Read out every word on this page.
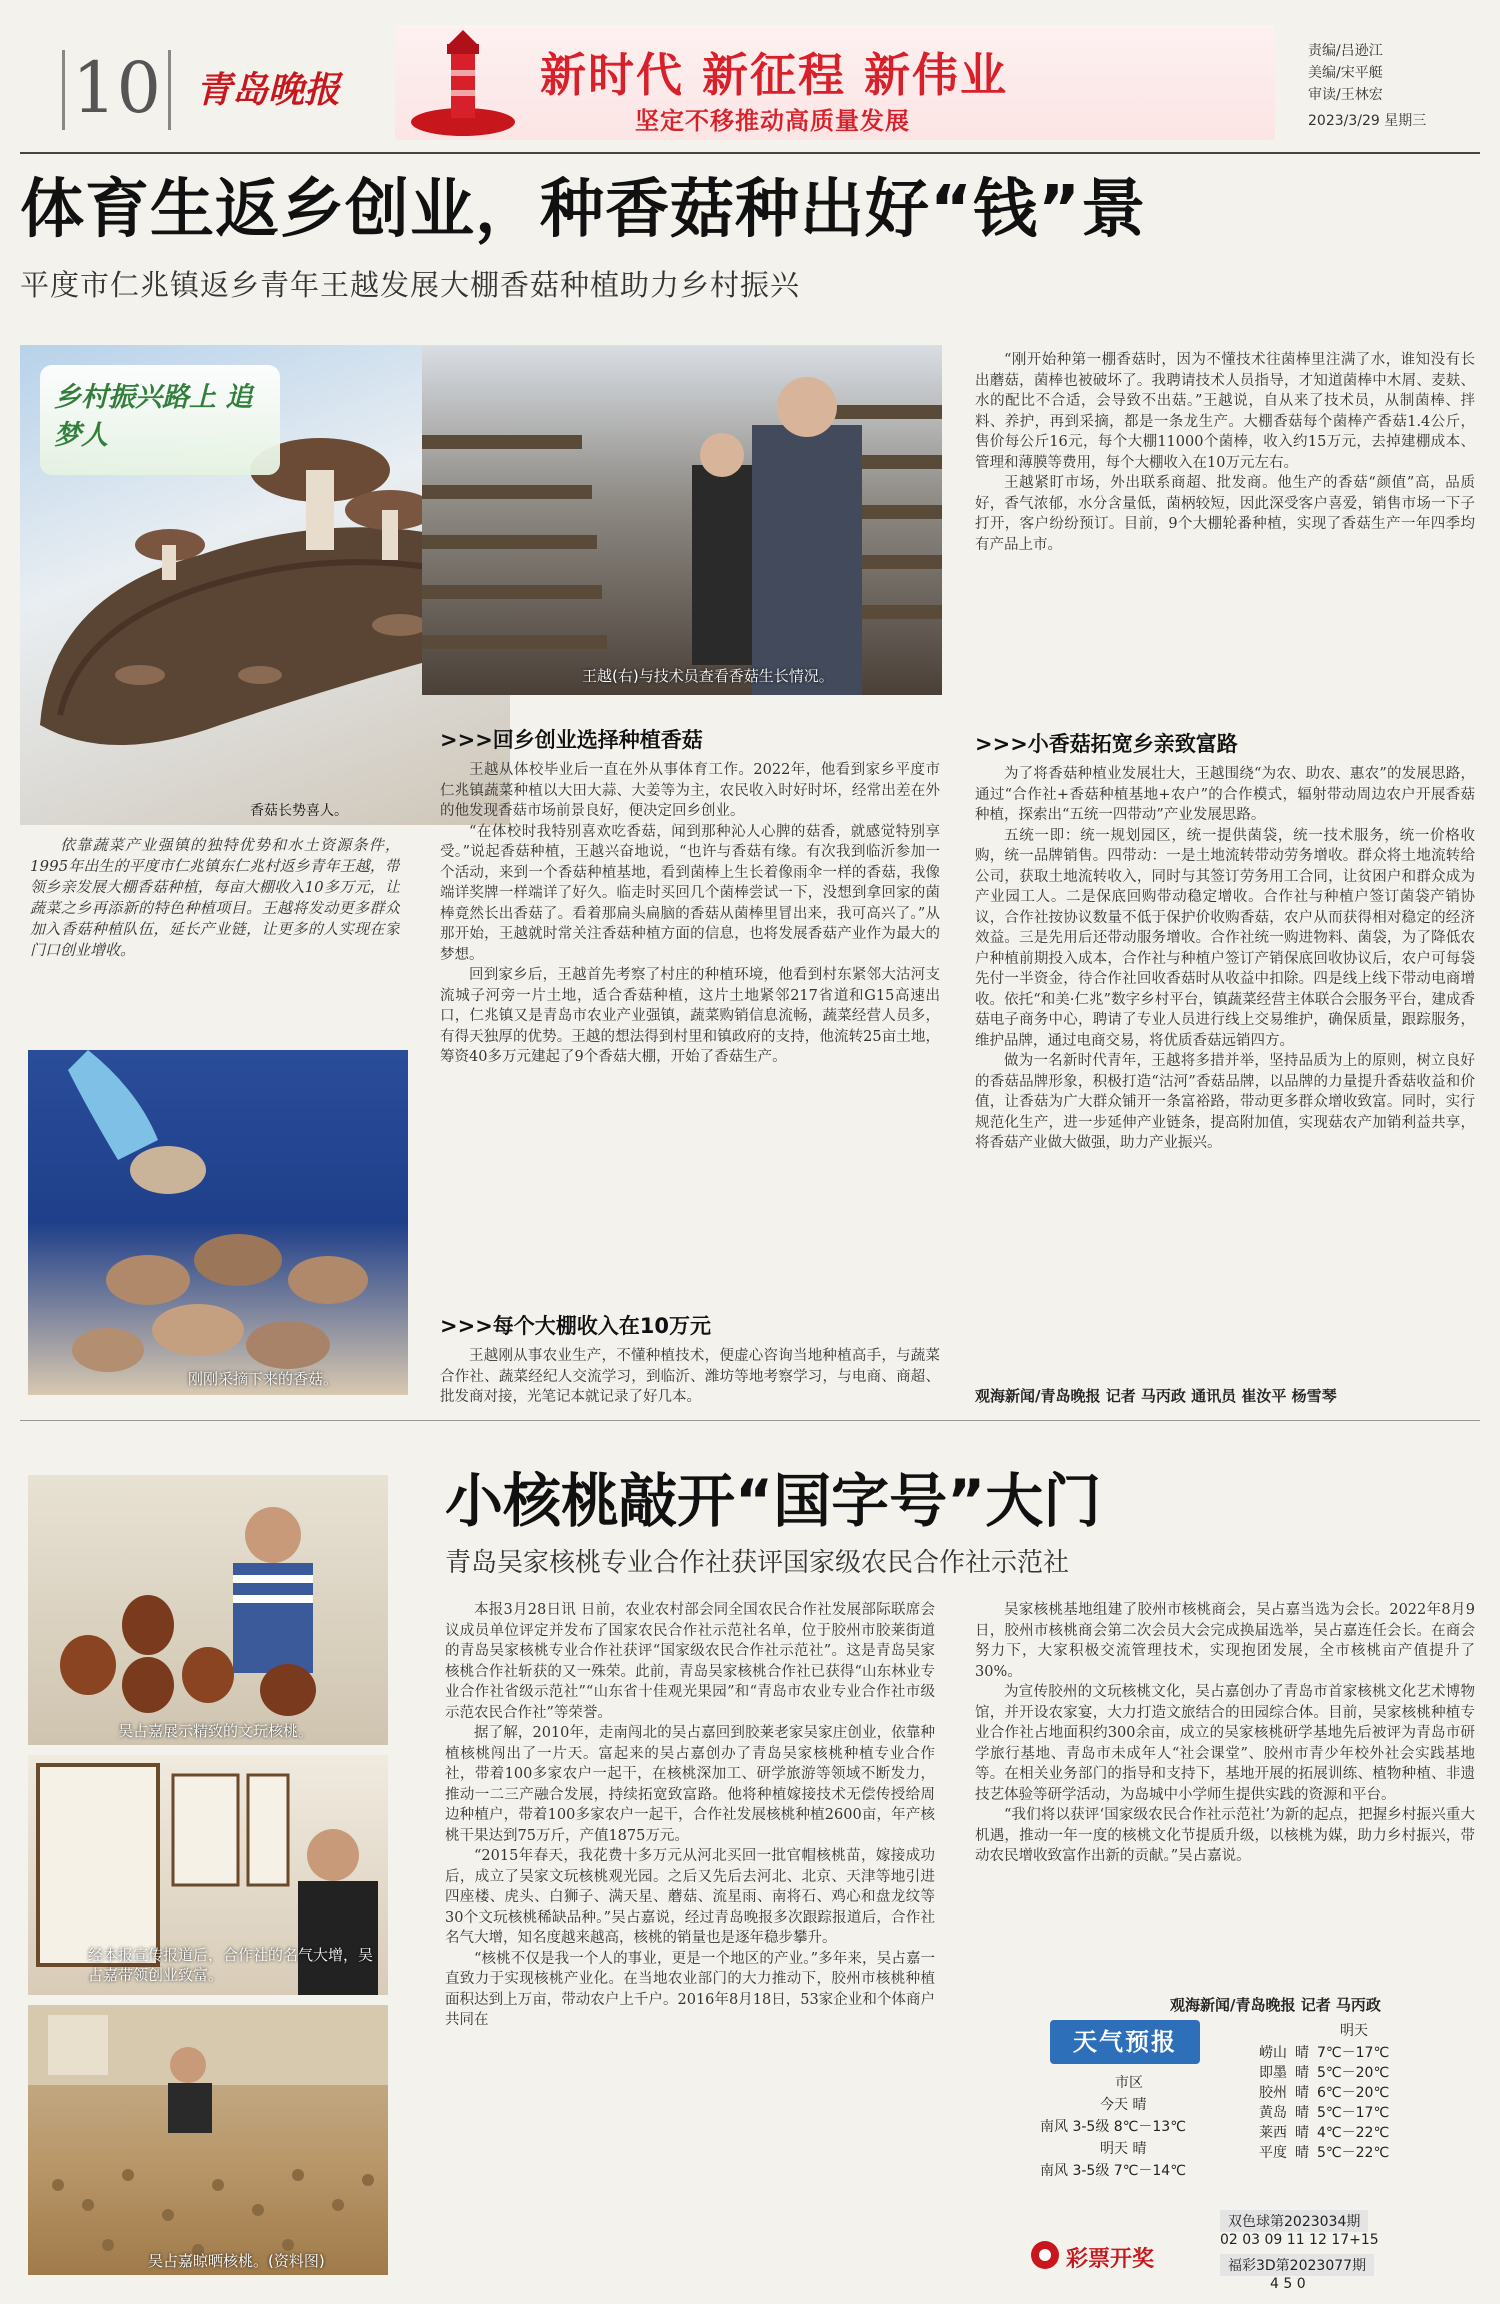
10 青岛晚报	新时代 新征程 新伟业
坚定不移推动高质量发展
责编/吕逊江
美编/宋平艇
审读/王林宏
2023/3/29 星期三
体育生返乡创业，种香菇种出好“钱”景
平度市仁兆镇返乡青年王越发展大棚香菇种植助力乡村振兴
乡村振兴路上 追梦人
香菇长势喜人。
王越(右)与技术员查看香菇生长情况。
依靠蔬菜产业强镇的独特优势和水土资源条件，1995年出生的平度市仁兆镇东仁兆村返乡青年王越，带领乡亲发展大棚香菇种植，每亩大棚收入10多万元，让蔬菜之乡再添新的特色种植项目。王越将发动更多群众加入香菇种植队伍，延长产业链，让更多的人实现在家门口创业增收。
刚刚采摘下来的香菇。
>>>回乡创业选择种植香菇

王越从体校毕业后一直在外从事体育工作。2022年，他看到家乡平度市仁兆镇蔬菜种植以大田大蒜、大姜等为主，农民收入时好时坏，经常出差在外的他发现香菇市场前景良好，便决定回乡创业。

“在体校时我特别喜欢吃香菇，闻到那种沁人心脾的菇香，就感觉特别享受。”说起香菇种植，王越兴奋地说，“也许与香菇有缘。有次我到临沂参加一个活动，来到一个香菇种植基地，看到菌棒上生长着像雨伞一样的香菇，我像端详奖牌一样端详了好久。临走时买回几个菌棒尝试一下，没想到拿回家的菌棒竟然长出香菇了。看着那扁头扁脑的香菇从菌棒里冒出来，我可高兴了。”从那开始，王越就时常关注香菇种植方面的信息，也将发展香菇产业作为最大的梦想。

回到家乡后，王越首先考察了村庄的种植环境，他看到村东紧邻大沽河支流城子河旁一片土地，适合香菇种植，这片土地紧邻217省道和G15高速出口，仁兆镇又是青岛市农业产业强镇，蔬菜购销信息流畅，蔬菜经营人员多，有得天独厚的优势。王越的想法得到村里和镇政府的支持，他流转25亩土地，筹资40多万元建起了9个香菇大棚，开始了香菇生产。

>>>每个大棚收入在10万元

王越刚从事农业生产，不懂种植技术，便虚心咨询当地种植高手，与蔬菜合作社、蔬菜经纪人交流学习，到临沂、潍坊等地考察学习，与电商、商超、批发商对接，光笔记本就记录了好几本。

“刚开始种第一棚香菇时，因为不懂技术往菌棒里注满了水，谁知没有长出蘑菇，菌棒也被破坏了。我聘请技术人员指导，才知道菌棒中木屑、麦麸、水的配比不合适，会导致不出菇。”王越说，自从来了技术员，从制菌棒、拌料、养护，再到采摘，都是一条龙生产。大棚香菇每个菌棒产香菇1.4公斤，售价每公斤16元，每个大棚11000个菌棒，收入约15万元，去掉建棚成本、管理和薄膜等费用，每个大棚收入在10万元左右。

王越紧盯市场，外出联系商超、批发商。他生产的香菇“颜值”高，品质好，香气浓郁，水分含量低，菌柄较短，因此深受客户喜爱，销售市场一下子打开，客户纷纷预订。目前，9个大棚轮番种植，实现了香菇生产一年四季均有产品上市。

>>>小香菇拓宽乡亲致富路

为了将香菇种植业发展壮大，王越围绕“为农、助农、惠农”的发展思路，通过“合作社+香菇种植基地+农户”的合作模式，辐射带动周边农户开展香菇种植，探索出“五统一四带动”产业发展思路。

五统一即：统一规划园区，统一提供菌袋，统一技术服务，统一价格收购，统一品牌销售。四带动：一是土地流转带动劳务增收。群众将土地流转给公司，获取土地流转收入，同时与其签订劳务用工合同，让贫困户和群众成为产业园工人。二是保底回购带动稳定增收。合作社与种植户签订菌袋产销协议，合作社按协议数量不低于保护价收购香菇，农户从而获得相对稳定的经济效益。三是先用后还带动服务增收。合作社统一购进物料、菌袋，为了降低农户种植前期投入成本，合作社与种植户签订产销保底回收协议后，农户可每袋先付一半资金，待合作社回收香菇时从收益中扣除。四是线上线下带动电商增收。依托“和美·仁兆”数字乡村平台，镇蔬菜经营主体联合会服务平台，建成香菇电子商务中心，聘请了专业人员进行线上交易维护，确保质量，跟踪服务，维护品牌，通过电商交易，将优质香菇远销四方。

做为一名新时代青年，王越将多措并举，坚持品质为上的原则，树立良好的香菇品牌形象，积极打造“沽河”香菇品牌，以品牌的力量提升香菇收益和价值，让香菇为广大群众铺开一条富裕路，带动更多群众增收致富。同时，实行规范化生产，进一步延伸产业链条，提高附加值，实现菇农产加销利益共享，将香菇产业做大做强，助力产业振兴。

观海新闻/青岛晚报 记者 马丙政 通讯员 崔汝平 杨雪琴
吴占嘉展示精致的文玩核桃。
经本报宣传报道后，合作社的名气大增，吴占嘉带领创业致富。
吴占嘉晾晒核桃。(资料图)
小核桃敲开“国字号”大门
青岛吴家核桃专业合作社获评国家级农民合作社示范社

本报3月28日讯 日前，农业农村部会同全国农民合作社发展部际联席会议成员单位评定并发布了国家农民合作社示范社名单，位于胶州市胶莱街道的青岛吴家核桃专业合作社获评“国家级农民合作社示范社”。这是青岛吴家核桃合作社斩获的又一殊荣。此前，青岛吴家核桃合作社已获得“山东林业专业合作社省级示范社”“山东省十佳观光果园”和“青岛市农业专业合作社市级示范农民合作社”等荣誉。

据了解，2010年，走南闯北的吴占嘉回到胶莱老家吴家庄创业，依靠种植核桃闯出了一片天。富起来的吴占嘉创办了青岛吴家核桃种植专业合作社，带着100多家农户一起干，在核桃深加工、研学旅游等领域不断发力，推动一二三产融合发展，持续拓宽致富路。他将种植嫁接技术无偿传授给周边种植户，带着100多家农户一起干，合作社发展核桃种植2600亩，年产核桃干果达到75万斤，产值1875万元。

“2015年春天，我花费十多万元从河北买回一批官帽核桃苗，嫁接成功后，成立了吴家文玩核桃观光园。之后又先后去河北、北京、天津等地引进四座楼、虎头、白狮子、满天星、蘑菇、流星雨、南将石、鸡心和盘龙纹等30个文玩核桃稀缺品种。”吴占嘉说，经过青岛晚报多次跟踪报道后，合作社名气大增，知名度越来越高，核桃的销量也是逐年稳步攀升。

“核桃不仅是我一个人的事业，更是一个地区的产业。”多年来，吴占嘉一直致力于实现核桃产业化。在当地农业部门的大力推动下，胶州市核桃种植面积达到上万亩，带动农户上千户。2016年8月18日，53家企业和个体商户共同在

吴家核桃基地组建了胶州市核桃商会，吴占嘉当选为会长。2022年8月9日，胶州市核桃商会第二次会员大会完成换届选举，吴占嘉连任会长。在商会努力下，大家积极交流管理技术，实现抱团发展，全市核桃亩产值提升了30%。

为宣传胶州的文玩核桃文化，吴占嘉创办了青岛市首家核桃文化艺术博物馆，并开设农家宴，大力打造文旅结合的田园综合体。目前，吴家核桃种植专业合作社占地面积约300余亩，成立的吴家核桃研学基地先后被评为青岛市研学旅行基地、青岛市未成年人“社会课堂”、胶州市青少年校外社会实践基地等。在相关业务部门的指导和支持下，基地开展的拓展训练、植物种植、非遗技艺体验等研学活动，为岛城中小学师生提供实践的资源和平台。

“我们将以获评‘国家级农民合作社示范社’为新的起点，把握乡村振兴重大机遇，推动一年一度的核桃文化节提质升级，以核桃为媒，助力乡村振兴，带动农民增收致富作出新的贡献。”吴占嘉说。

观海新闻/青岛晚报 记者 马丙政
天气预报
市区
今天 晴
南风 3-5级 8℃－13℃
明天 晴
南风 3-5级 7℃－14℃
明天
崂山	晴	7℃－17℃
即墨	晴	5℃－20℃
胶州	晴	6℃－20℃
黄岛	晴	5℃－17℃
莱西	晴	4℃－22℃
平度	晴	5℃－22℃
彩票开奖
双色球第2023034期
02 03 09 11 12 17+15
福彩3D第2023077期
4 5 0
